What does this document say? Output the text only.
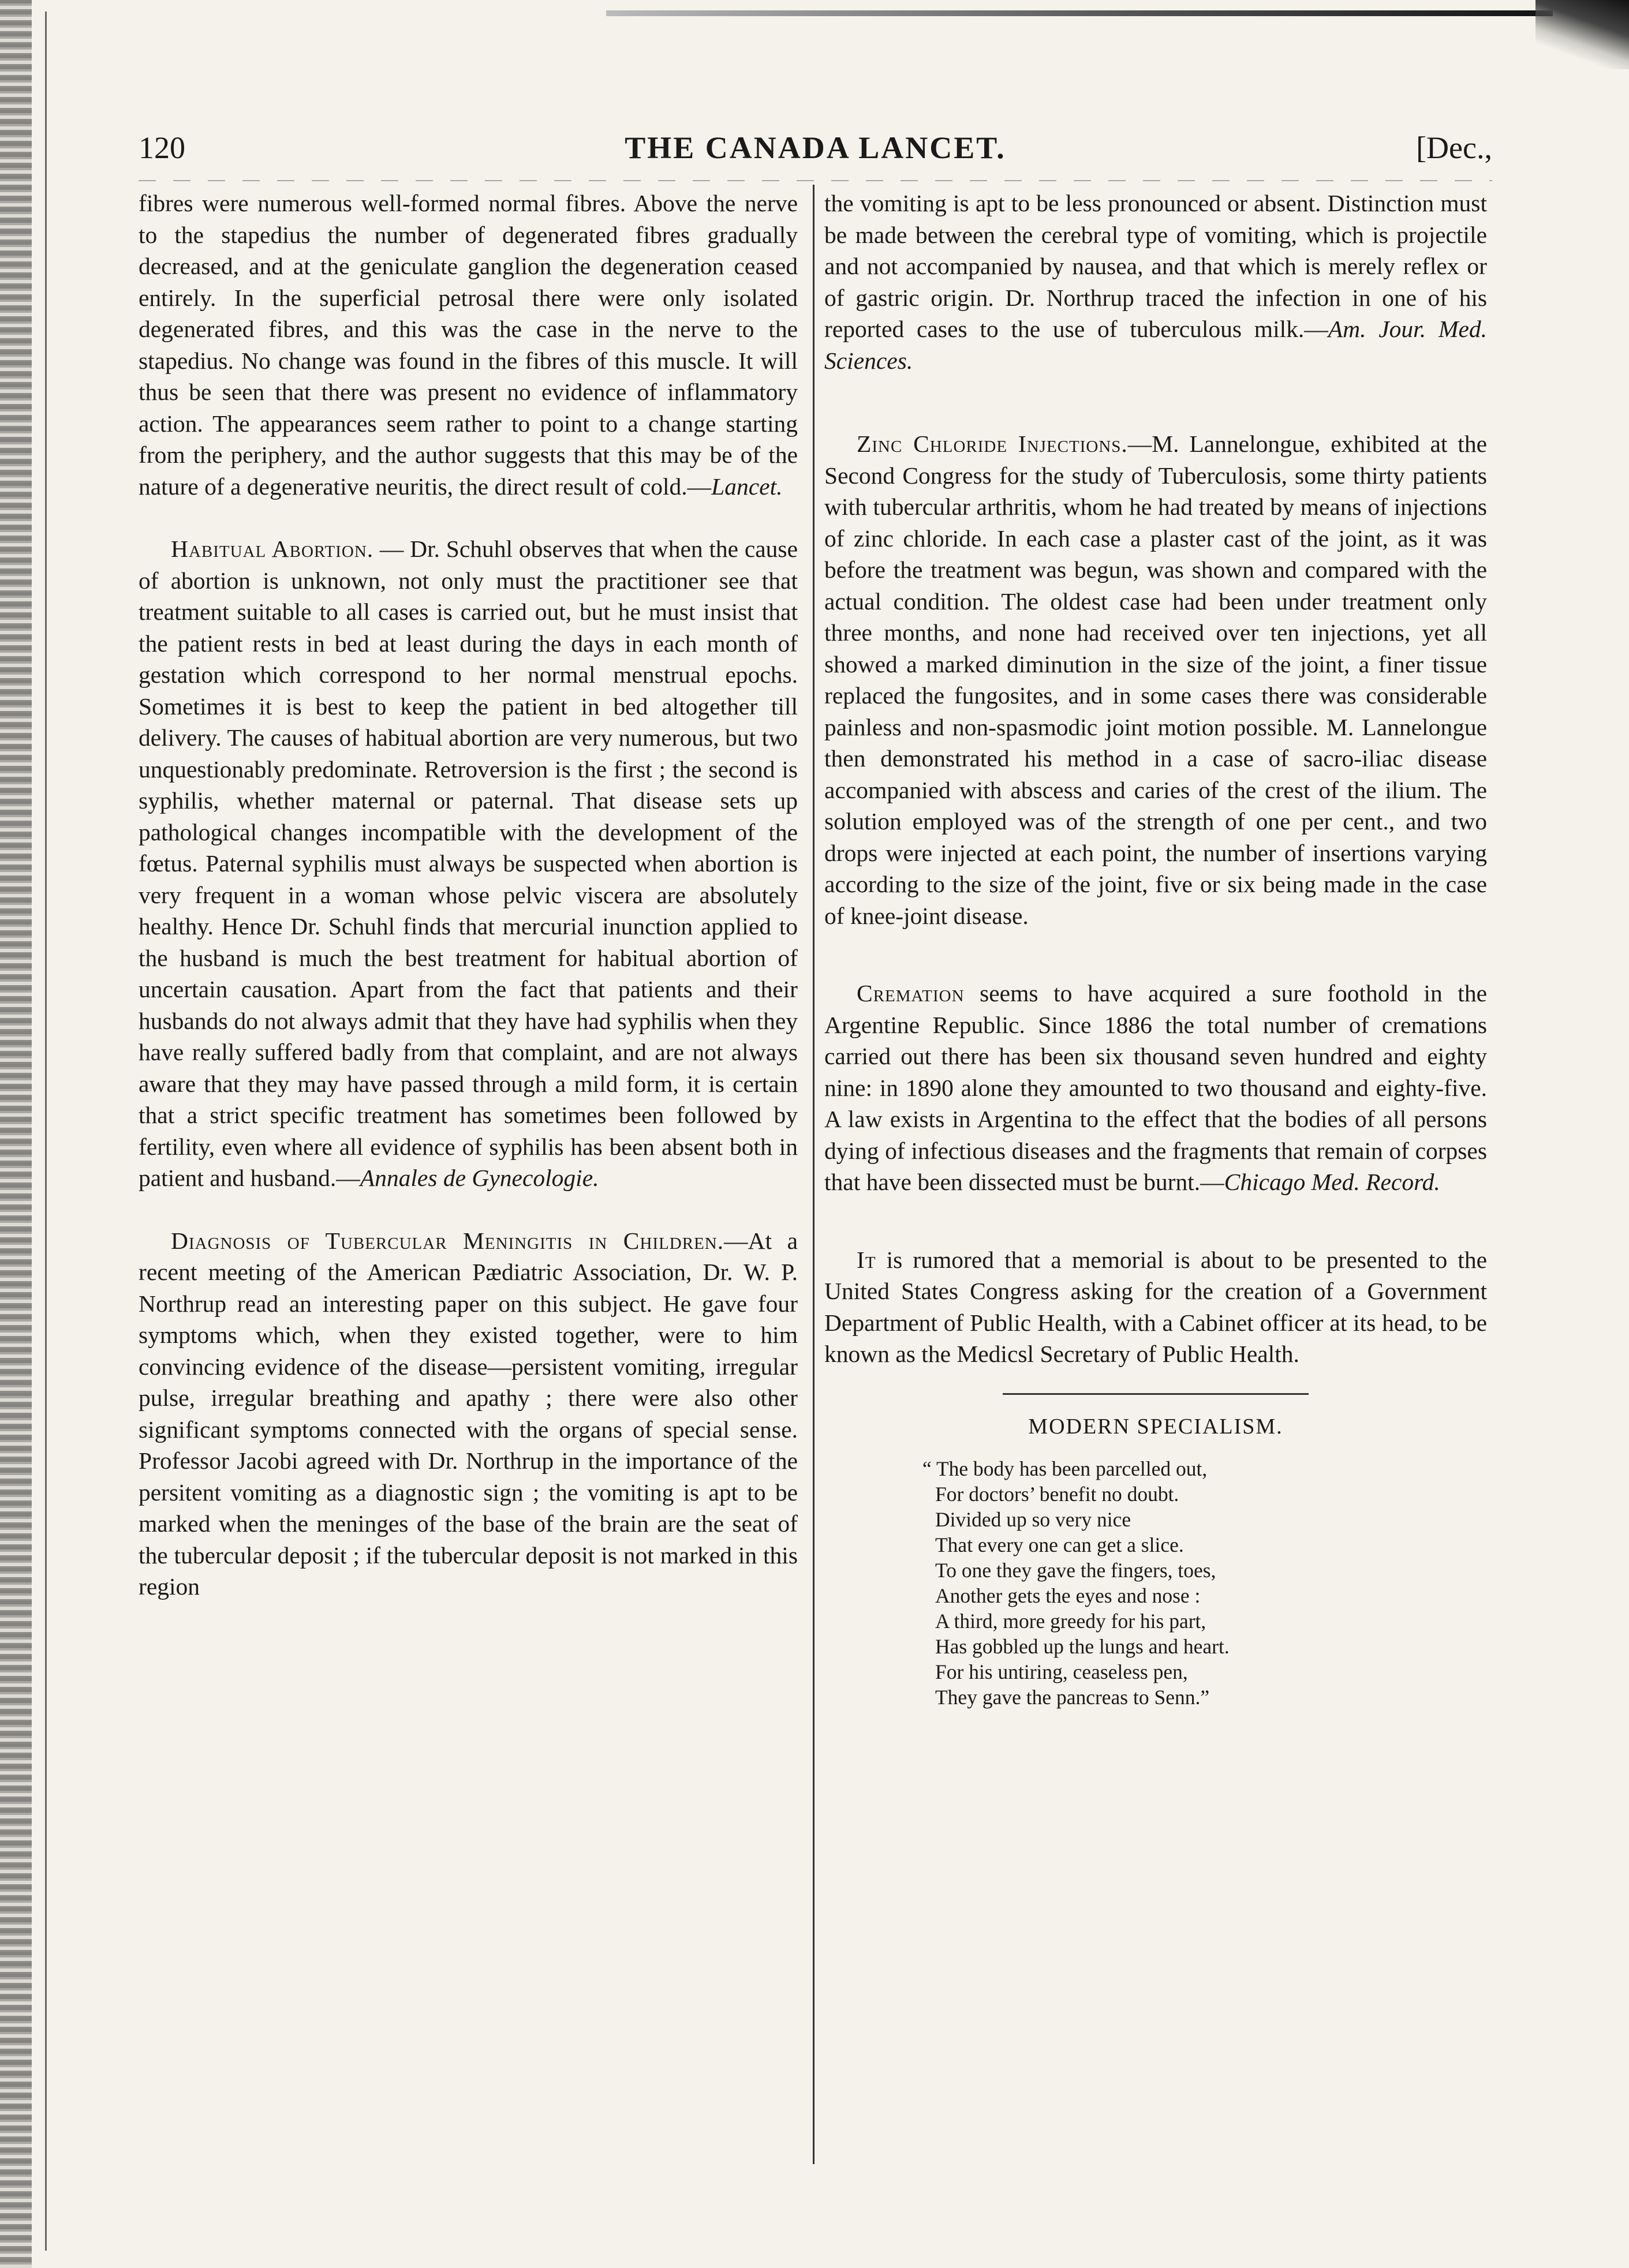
120	THE CANADA LANCET.	[Dec.,

fibres were numerous well-formed normal fibres. Above the nerve to the stapedius the number of degenerated fibres gradually decreased, and at the geniculate ganglion the degeneration ceased entirely. In the superficial petrosal there were only isolated degenerated fibres, and this was the case in the nerve to the stapedius. No change was found in the fibres of this muscle. It will thus be seen that there was present no evidence of inflammatory action. The appearances seem rather to point to a change starting from the periphery, and the author suggests that this may be of the nature of a degenerative neuritis, the direct result of cold.—Lancet.

Habitual Abortion. — Dr. Schuhl observes that when the cause of abortion is unknown, not only must the practitioner see that treatment suitable to all cases is carried out, but he must insist that the patient rests in bed at least during the days in each month of gestation which correspond to her normal menstrual epochs. Sometimes it is best to keep the patient in bed altogether till delivery. The causes of habitual abortion are very numerous, but two unquestionably predominate. Retroversion is the first ; the second is syphilis, whether maternal or paternal. That disease sets up pathological changes incompatible with the development of the fœtus. Paternal syphilis must always be suspected when abortion is very frequent in a woman whose pelvic viscera are absolutely healthy. Hence Dr. Schuhl finds that mercurial inunction applied to the husband is much the best treatment for habitual abortion of uncertain causation. Apart from the fact that patients and their husbands do not always admit that they have had syphilis when they have really suffered badly from that complaint, and are not always aware that they may have passed through a mild form, it is certain that a strict specific treatment has sometimes been followed by fertility, even where all evidence of syphilis has been absent both in patient and husband.—Annales de Gynecologie.

Diagnosis of Tubercular Meningitis in Children.—At a recent meeting of the American Pædiatric Association, Dr. W. P. Northrup read an interesting paper on this subject. He gave four symptoms which, when they existed together, were to him convincing evidence of the disease—persistent vomiting, irregular pulse, irregular breathing and apathy ; there were also other significant symptoms connected with the organs of special sense. Professor Jacobi agreed with Dr. Northrup in the importance of the persitent vomiting as a diagnostic sign ; the vomiting is apt to be marked when the meninges of the base of the brain are the seat of the tubercular deposit ; if the tubercular deposit is not marked in this region

the vomiting is apt to be less pronounced or absent. Distinction must be made between the cerebral type of vomiting, which is projectile and not accompanied by nausea, and that which is merely reflex or of gastric origin. Dr. Northrup traced the infection in one of his reported cases to the use of tuberculous milk.—Am. Jour. Med. Sciences.

Zinc Chloride Injections.—M. Lannelongue, exhibited at the Second Congress for the study of Tuberculosis, some thirty patients with tubercular arthritis, whom he had treated by means of injections of zinc chloride. In each case a plaster cast of the joint, as it was before the treatment was begun, was shown and compared with the actual condition. The oldest case had been under treatment only three months, and none had received over ten injections, yet all showed a marked diminution in the size of the joint, a finer tissue replaced the fungosites, and in some cases there was considerable painless and non-spasmodic joint motion possible. M. Lannelongue then demonstrated his method in a case of sacro-iliac disease accompanied with abscess and caries of the crest of the ilium. The solution employed was of the strength of one per cent., and two drops were injected at each point, the number of insertions varying according to the size of the joint, five or six being made in the case of knee-joint disease.

Cremation seems to have acquired a sure foothold in the Argentine Republic. Since 1886 the total number of cremations carried out there has been six thousand seven hundred and eighty nine: in 1890 alone they amounted to two thousand and eighty-five. A law exists in Argentina to the effect that the bodies of all persons dying of infectious diseases and the fragments that remain of corpses that have been dissected must be burnt.—Chicago Med. Record.

It is rumored that a memorial is about to be presented to the United States Congress asking for the creation of a Government Department of Public Health, with a Cabinet officer at its head, to be known as the Medicsl Secretary of Public Health.

MODERN SPECIALISM.
“ The body has been parcelled out,
For doctors’ benefit no doubt.
Divided up so very nice
That every one can get a slice.
To one they gave the fingers, toes,
Another gets the eyes and nose :
A third, more greedy for his part,
Has gobbled up the lungs and heart.
For his untiring, ceaseless pen,
They gave the pancreas to Senn.”
